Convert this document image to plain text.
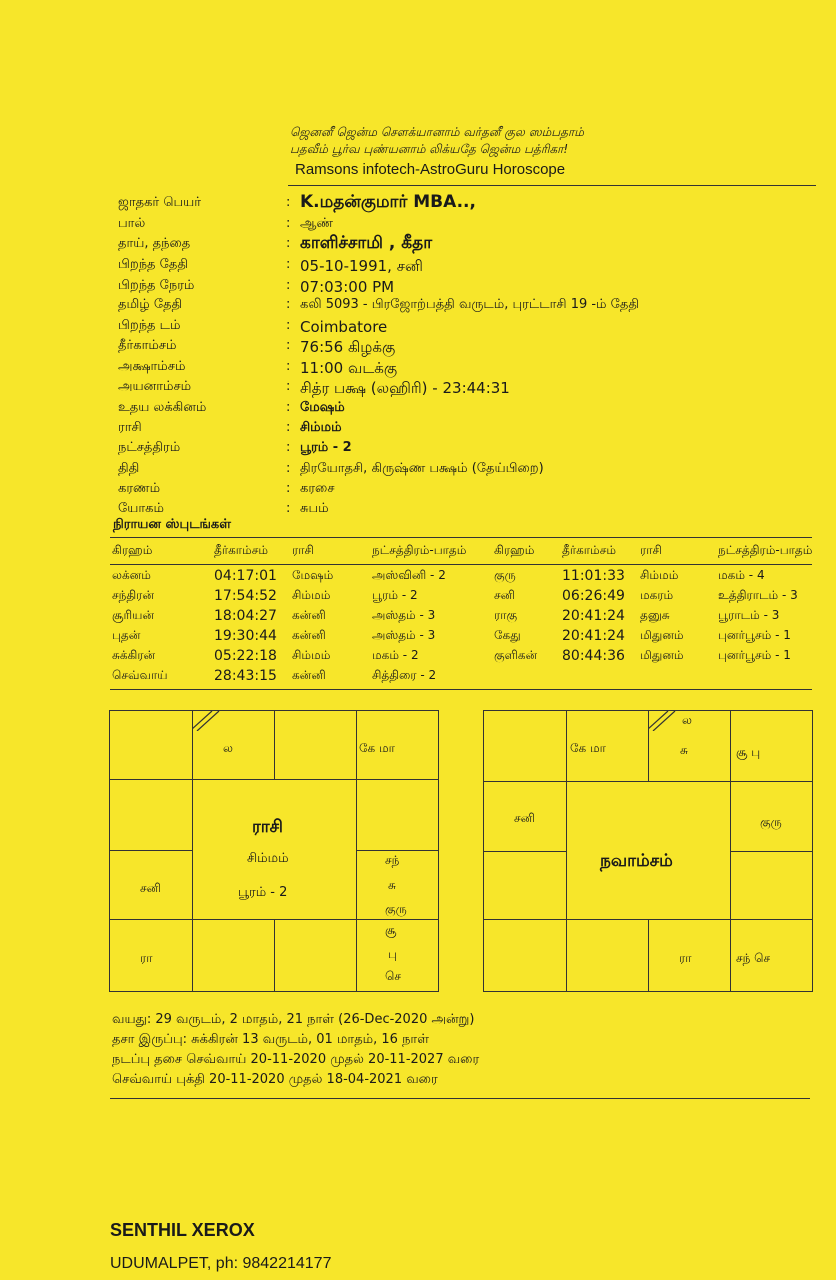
ஜெனனீ ஜென்ம சௌக்யானாம் வர்தனீ குல ஸம்பதாம்
பதவீம் பூர்வ புண்யனாம் லிக்யதே ஜென்ம பத்ரிகா!
Ramsons infotech-AstroGuru Horoscope
ஜாதகர் பெயர்	: K.மதன்குமார் MBA..,
பால்	: ஆண்
தாய், தந்தை	: காளிச்சாமி , கீதா
பிறந்த தேதி	: 05-10-1991, சனி
பிறந்த நேரம்	: 07:03:00 PM
தமிழ் தேதி	: கலி 5093 - பிரஜோற்பத்தி வருடம், புரட்டாசி 19 -ம் தேதி
பிறந்த டம்	: Coimbatore
தீர்காம்சம்	: 76:56 கிழக்கு
அக்ஷாம்சம்	: 11:00 வடக்கு
அயனாம்சம்	: சித்ர பக்ஷ (லஹிரி) - 23:44:31
உதய லக்கினம்	: மேஷம்
ராசி	: சிம்மம்
நட்சத்திரம்	: பூரம் - 2
திதி	: திரயோதசி, கிருஷ்ண பக்ஷம் (தேய்பிறை)
கரணம்	: கரசை
யோகம்	: சுபம்
நிராயன ஸ்புடங்கள்
கிரஹம்	தீர்காம்சம் ராசி	நட்சத்திரம்-பாதம் கிரஹம் தீர்காம்சம் ராசி	நட்சத்திரம்-பாதம்
லக்னம்	04:17:01 மேஷம்	அஸ்வினி - 2	குரு	11:01:33 சிம்மம்	மகம் - 4
சந்திரன்	17:54:52 சிம்மம்	பூரம் - 2	சனி	06:26:49 மகரம்	உத்திராடம் - 3
சூரியன்	18:04:27 கன்னி	அஸ்தம் - 3	ராகு	20:41:24 தனுசு	பூராடம் - 3
புதன்	19:30:44 கன்னி	அஸ்தம் - 3	கேது	20:41:24 மிதுனம்	புனர்பூசம் - 1
சுக்கிரன்	05:22:18 சிம்மம்	மகம் - 2	குளிகன் 80:44:36 மிதுனம்	புனர்பூசம் - 1
செவ்வாய்	28:43:15 கன்னி	சித்திரை - 2
ல	கே மா
சனி
சந்
சு
குரு
ரா
சூ
பு
செ
ராசி
சிம்மம்
பூரம் - 2
கே மா
ல
சு	சூ பு
சனி	குரு
ரா	சந் செ
நவாம்சம்
வயது: 29 வருடம், 2 மாதம், 21 நாள் (26-Dec-2020 அன்று)
தசா இருப்பு: சுக்கிரன் 13 வருடம், 01 மாதம், 16 நாள்
நடப்பு தசை செவ்வாய் 20-11-2020 முதல் 20-11-2027 வரை
செவ்வாய் புக்தி 20-11-2020 முதல் 18-04-2021 வரை
SENTHIL XEROX
UDUMALPET, ph: 9842214177
